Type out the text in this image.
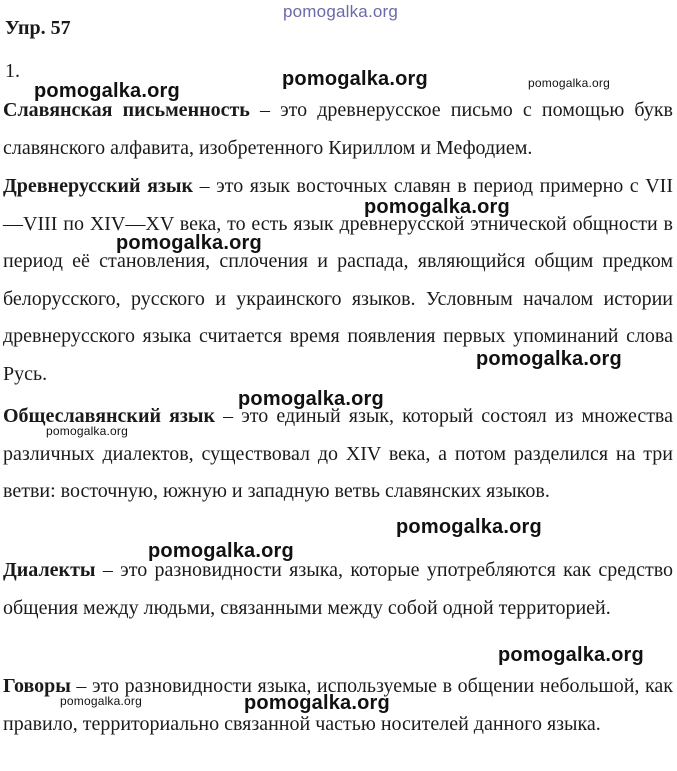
Упр. 57
1.

Славянская письменность – это древнерусское письмо с помощью букв славянского алфавита, изобретенного Кириллом и Мефодием.

Древнерусский язык – это язык восточных славян в период примерно с VII—VIII по XIV—XV века, то есть язык древнерусской этнической общности в период её становления, сплочения и распада, являющийся общим предком белорусского, русского и украинского языков. Условным началом истории древнерусского языка считается время появления первых упоминаний слова Русь.

Общеславянский язык – это единый язык, который состоял из множества различных диалектов, существовал до XIV века, а потом разделился на три ветви: восточную, южную и западную ветвь славянских языков.

Диалекты – это разновидности языка, которые употребляются как средство общения между людьми, связанными между собой одной территорией.

Говоры – это разновидности языка, используемые в общении небольшой, как правило, территориально связанной частью носителей данного языка.

pomogalka.org
pomogalka.org
pomogalka.org	pomogalka.org
pomogalka.org
pomogalka.org
pomogalka.org
pomogalka.org
pomogalka.org
pomogalka.org
pomogalka.org
pomogalka.org
pomogalka.org	pomogalka.org
